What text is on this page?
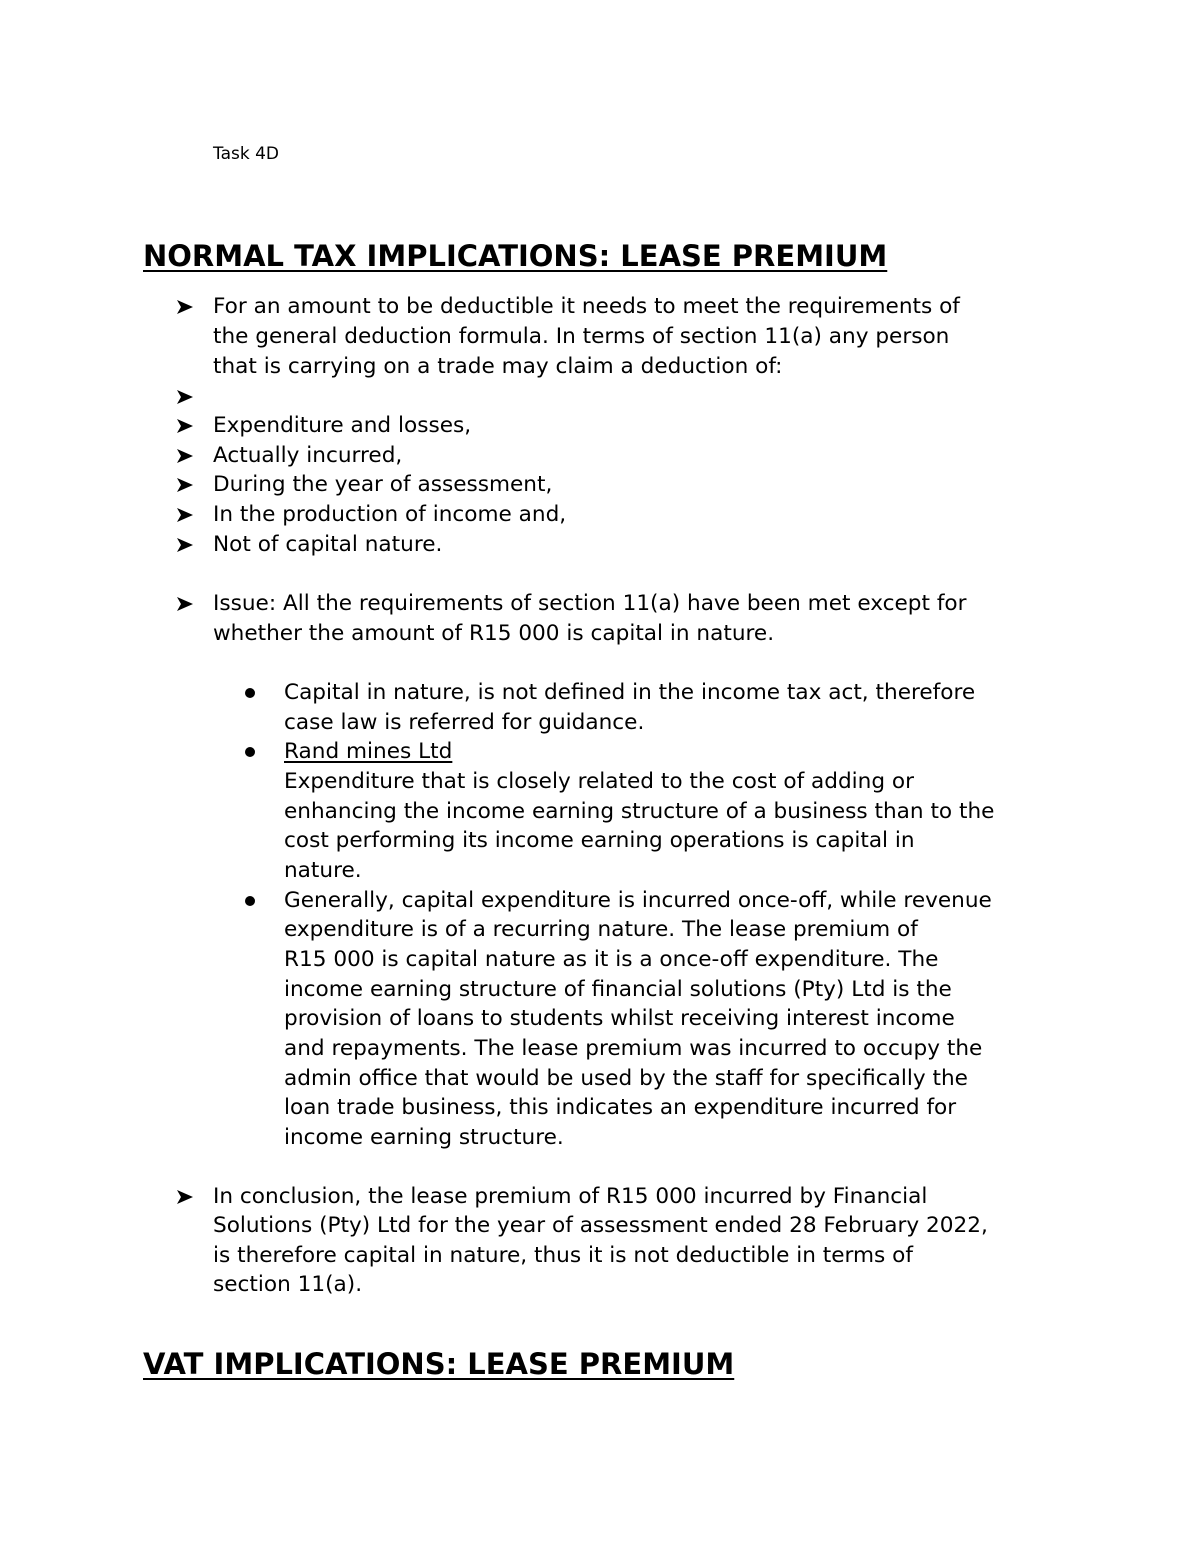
Task 4D
NORMAL TAX IMPLICATIONS: LEASE PREMIUM
For an amount to be deductible it needs to meet the requirements of
the general deduction formula. In terms of section 11(a) any person
that is carrying on a trade may claim a deduction of:
Expenditure and losses,
Actually incurred,
During the year of assessment,
In the production of income and,
Not of capital nature.
Issue: All the requirements of section 11(a) have been met except for
whether the amount of R15 000 is capital in nature.
Capital in nature, is not defined in the income tax act, therefore
case law is referred for guidance.
Rand mines Ltd
Expenditure that is closely related to the cost of adding or
enhancing the income earning structure of a business than to the
cost performing its income earning operations is capital in
nature.
Generally, capital expenditure is incurred once-off, while revenue
expenditure is of a recurring nature. The lease premium of
R15 000 is capital nature as it is a once-off expenditure. The
income earning structure of financial solutions (Pty) Ltd is the
provision of loans to students whilst receiving interest income
and repayments. The lease premium was incurred to occupy the
admin office that would be used by the staff for specifically the
loan trade business, this indicates an expenditure incurred for
income earning structure.
In conclusion, the lease premium of R15 000 incurred by Financial
Solutions (Pty) Ltd for the year of assessment ended 28 February 2022,
is therefore capital in nature, thus it is not deductible in terms of
section 11(a).
VAT IMPLICATIONS: LEASE PREMIUM
